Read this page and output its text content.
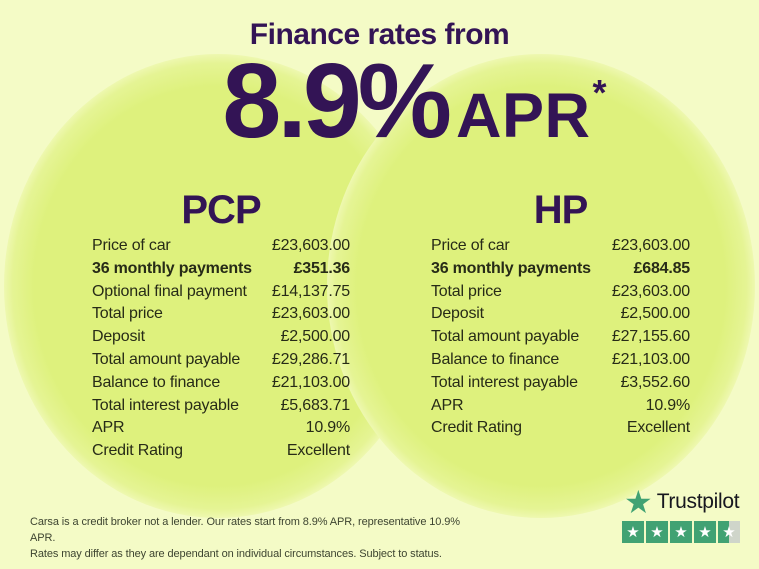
Finance rates from
8.9% APR *
PCP	HP
Price of car	£23,603.00
36 monthly payments	£351.36
Optional final payment £14,137.75
Total price	£23,603.00
Deposit	£2,500.00
Total amount payable £29,286.71
Balance to finance	£21,103.00
Total interest payable	£5,683.71
APR	10.9%
Credit Rating	Excellent
Price of car	£23,603.00
36 monthly payments	£684.85
Total price	£23,603.00
Deposit	£2,500.00
Total amount payable £27,155.60
Balance to finance	£21,103.00
Total interest payable	£3,552.60
APR	10.9%
Credit Rating	Excellent
Carsa is a credit broker not a lender. Our rates start from 8.9% APR, representative 10.9% APR.
Rates may differ as they are dependant on individual circumstances. Subject to status.
★ Trustpilot
★ ★ ★ ★ ★
